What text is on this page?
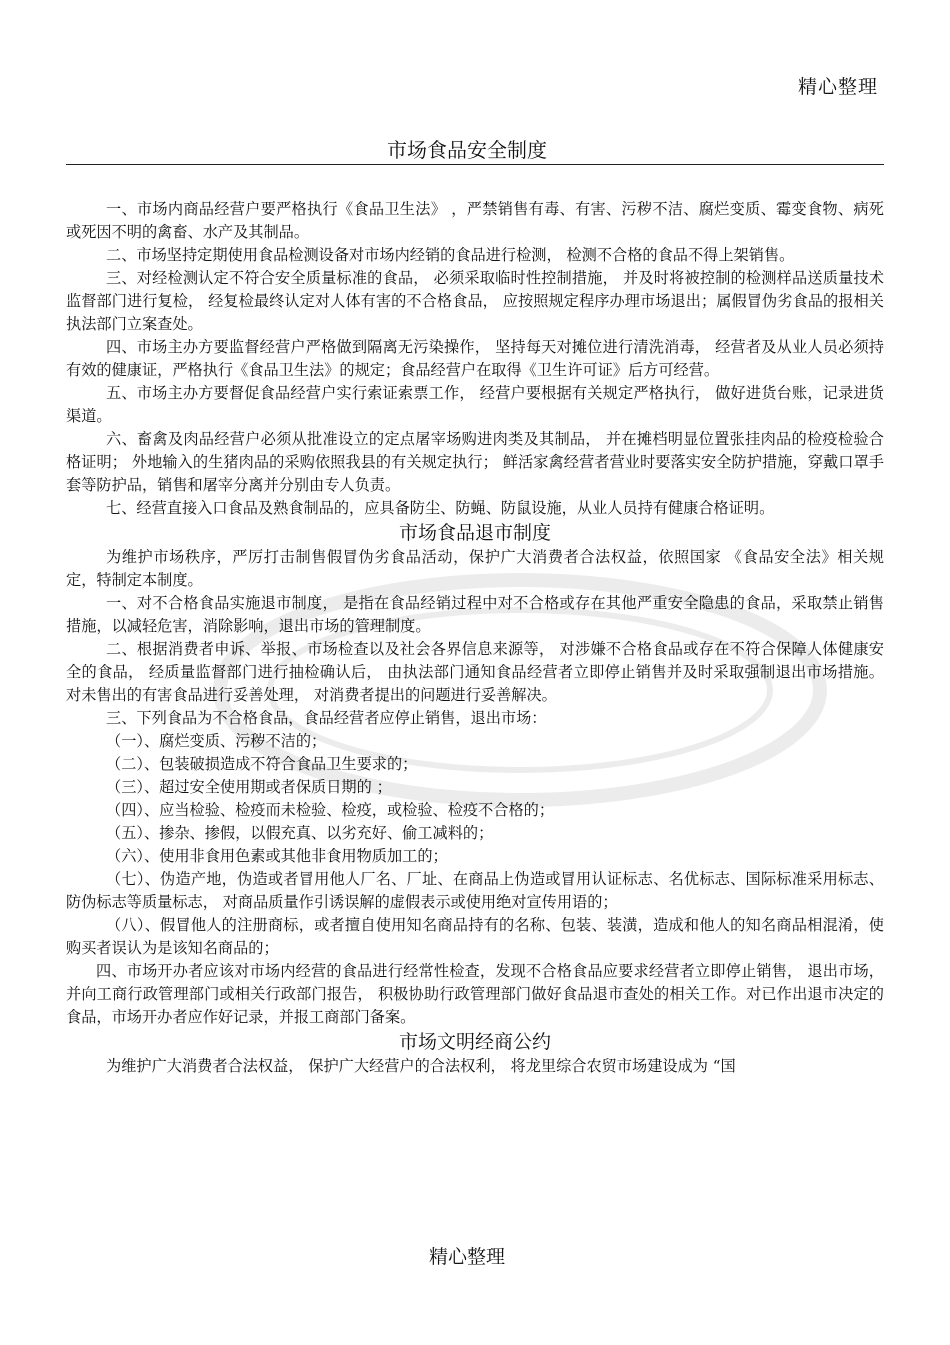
精心整理
市场食品安全制度

一、市场内商品经营户要严格执行《食品卫生法》 ，严禁销售有毒、有害、污秽不洁、腐烂变质、霉变食物、病死或死因不明的禽畜、水产及其制品。

二、市场坚持定期使用食品检测设备对市场内经销的食品进行检测， 检测不合格的食品不得上架销售。

三、对经检测认定不符合安全质量标准的食品， 必须采取临时性控制措施， 并及时将被控制的检测样品送质量技术监督部门进行复检， 经复检最终认定对人体有害的不合格食品， 应按照规定程序办理市场退出；属假冒伪劣食品的报相关执法部门立案查处。

四、市场主办方要监督经营户严格做到隔离无污染操作， 坚持每天对摊位进行清洗消毒， 经营者及从业人员必须持有效的健康证，严格执行《食品卫生法》的规定；食品经营户在取得《卫生许可证》后方可经营。

五、市场主办方要督促食品经营户实行索证索票工作， 经营户要根据有关规定严格执行， 做好进货台账，记录进货渠道。

六、畜禽及肉品经营户必须从批准设立的定点屠宰场购进肉类及其制品， 并在摊档明显位置张挂肉品的检疫检验合格证明； 外地输入的生猪肉品的采购依照我县的有关规定执行； 鲜活家禽经营者营业时要落实安全防护措施，穿戴口罩手套等防护品，销售和屠宰分离并分别由专人负责。

七、经营直接入口食品及熟食制品的，应具备防尘、防蝇、防鼠设施，从业人员持有健康合格证明。

市场食品退市制度

为维护市场秩序，严厉打击制售假冒伪劣食品活动，保护广大消费者合法权益，依照国家 《食品安全法》相关规定，特制定本制度。

一、对不合格食品实施退市制度， 是指在食品经销过程中对不合格或存在其他严重安全隐患的食品，采取禁止销售措施，以减轻危害，消除影响，退出市场的管理制度。

二、根据消费者申诉、举报、市场检查以及社会各界信息来源等， 对涉嫌不合格食品或存在不符合保障人体健康安全的食品， 经质量监督部门进行抽检确认后， 由执法部门通知食品经营者立即停止销售并及时采取强制退出市场措施。 对未售出的有害食品进行妥善处理， 对消费者提出的问题进行妥善解决。

三、下列食品为不合格食品，食品经营者应停止销售，退出市场：

（一）、腐烂变质、污秽不洁的；

（二）、包装破损造成不符合食品卫生要求的；

（三）、超过安全使用期或者保质日期的 ；

（四）、应当检验、检疫而未检验、检疫，或检验、检疫不合格的；

（五）、掺杂、掺假，以假充真、以劣充好、偷工减料的；

（六）、使用非食用色素或其他非食用物质加工的；

（七）、伪造产地，伪造或者冒用他人厂名、厂址、在商品上伪造或冒用认证标志、名优标志、国际标准采用标志、 防伪标志等质量标志， 对商品质量作引诱误解的虚假表示或使用绝对宣传用语的；

（八）、假冒他人的注册商标，或者擅自使用知名商品持有的名称、包装、装潢，造成和他人的知名商品相混淆，使购买者误认为是该知名商品的；

四、市场开办者应该对市场内经营的食品进行经常性检查，发现不合格食品应要求经营者立即停止销售， 退出市场， 并向工商行政管理部门或相关行政部门报告， 积极协助行政管理部门做好食品退市查处的相关工作。对已作出退市决定的食品，市场开办者应作好记录，并报工商部门备案。

市场文明经商公约

为维护广大消费者合法权益， 保护广大经营户的合法权利， 将龙里综合农贸市场建设成为 “国

精心整理
